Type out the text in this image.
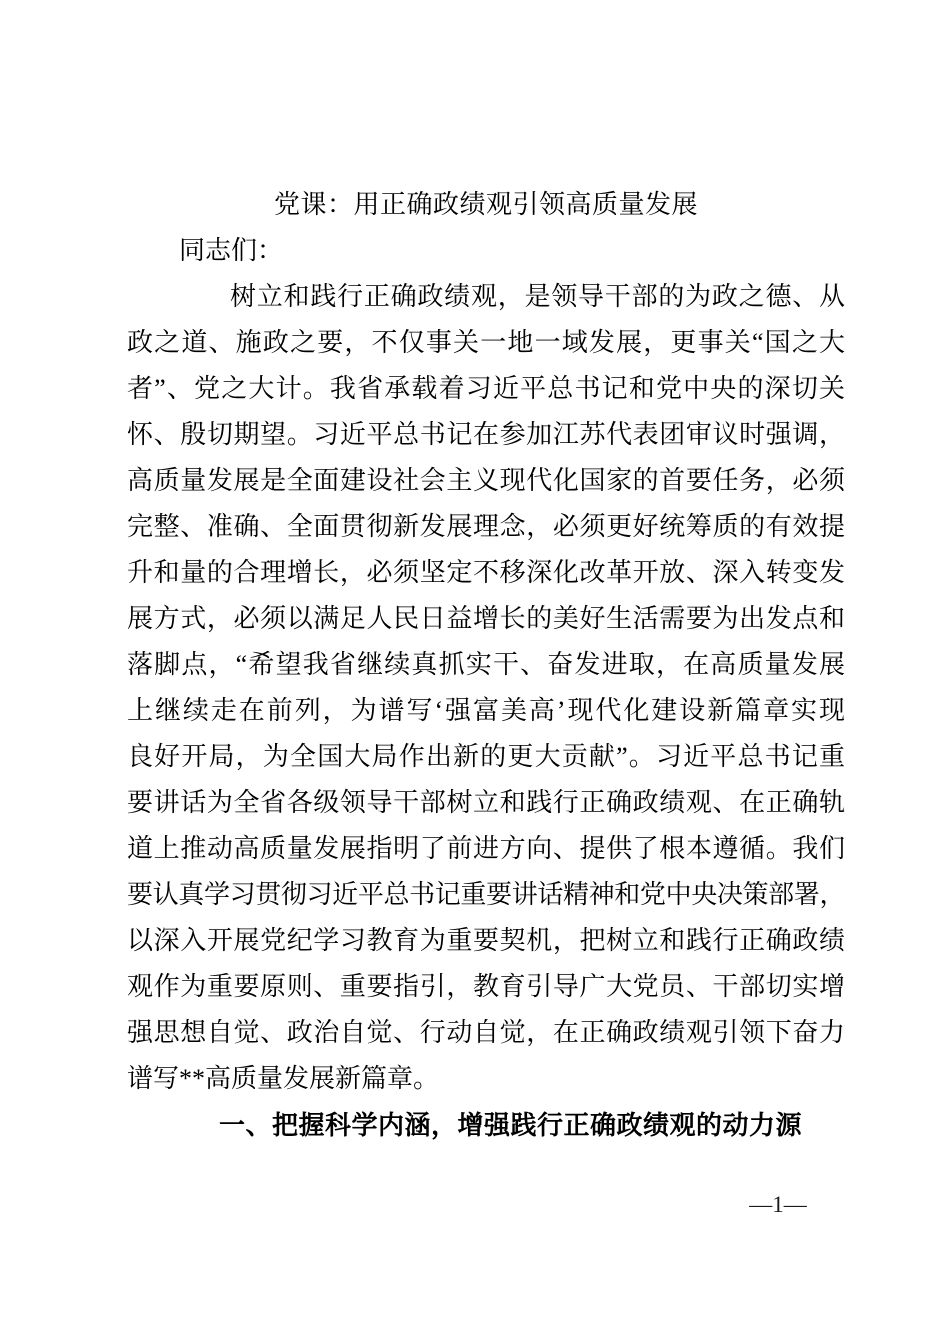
党课：用正确政绩观引领高质量发展
同志们：
树立和践行正确政绩观，是领导干部的为政之德、从
政之道、施政之要，不仅事关一地一域发展，更事关“国之大
者”、党之大计。我省承载着习近平总书记和党中央的深切关
怀、殷切期望。习近平总书记在参加江苏代表团审议时强调，
高质量发展是全面建设社会主义现代化国家的首要任务，必须
完整、准确、全面贯彻新发展理念，必须更好统筹质的有效提
升和量的合理增长，必须坚定不移深化改革开放、深入转变发
展方式，必须以满足人民日益增长的美好生活需要为出发点和
落脚点，“希望我省继续真抓实干、奋发进取，在高质量发展
上继续走在前列，为谱写‘强富美高’现代化建设新篇章实现
良好开局，为全国大局作出新的更大贡献”。习近平总书记重
要讲话为全省各级领导干部树立和践行正确政绩观、在正确轨
道上推动高质量发展指明了前进方向、提供了根本遵循。我们
要认真学习贯彻习近平总书记重要讲话精神和党中央决策部署，
以深入开展党纪学习教育为重要契机，把树立和践行正确政绩
观作为重要原则、重要指引，教育引导广大党员、干部切实增
强思想自觉、政治自觉、行动自觉，在正确政绩观引领下奋力
谱写**高质量发展新篇章。
一、把握科学内涵，增强践行正确政绩观的动力源
—1—
